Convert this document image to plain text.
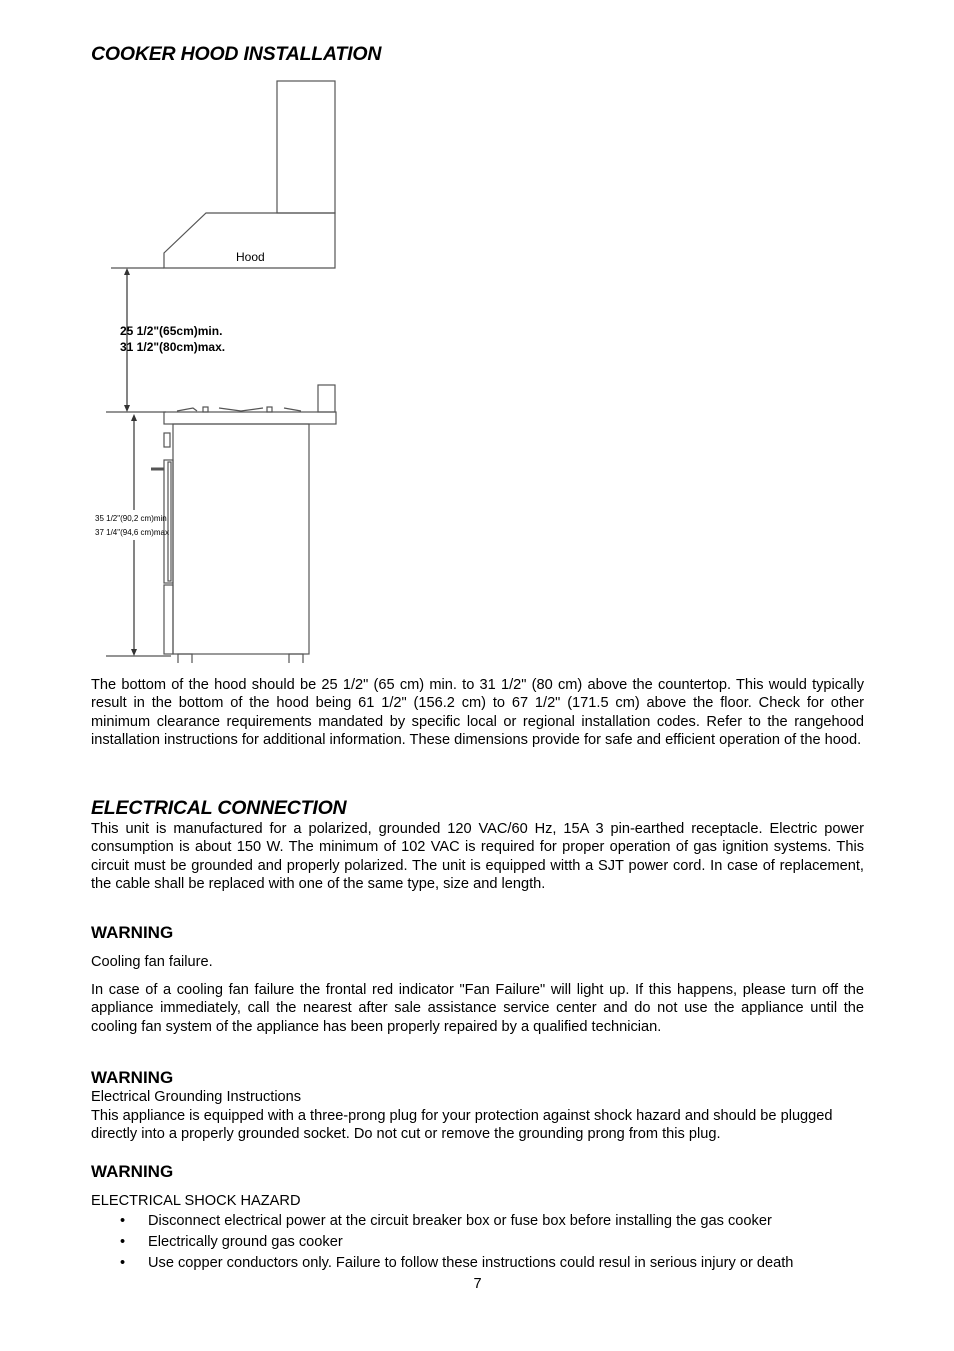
Hood
25 1/2"(65cm)min.
31 1/2"(80cm)max.
35 1/2"(90,2 cm)min
37 1/4"(94,6 cm)max
COOKER HOOD INSTALLATION

The bottom of the hood should be 25 1/2" (65 cm) min. to 31 1/2" (80 cm) above the countertop. This would typically result in the bottom of the hood being 61 1/2" (156.2 cm) to 67 1/2" (171.5 cm) above the floor. Check for other minimum clearance requirements mandated by specific local or regional installation codes. Refer to the rangehood installation instructions for additional information. These dimensions provide for safe and efficient operation of the hood.

ELECTRICAL CONNECTION

This unit is manufactured for a polarized, grounded 120 VAC/60 Hz, 15A 3 pin-earthed receptacle. Electric power consumption is about 150 W. The minimum of 102 VAC is required for proper operation of gas ignition systems. This circuit must be grounded and properly polarized. The unit is equipped witth a SJT power cord. In case of replacement, the cable shall be replaced with one of the same type, size and length.

WARNING

Cooling fan failure.

In case of a cooling fan failure the frontal red indicator "Fan Failure" will light up. If this happens, please turn off the appliance immediately, call the nearest after sale assistance service center and do not use the appliance until the cooling fan system of the appliance has been properly repaired by a qualified technician.

WARNING

Electrical Grounding Instructions

This appliance is equipped with a three-prong plug for your protection against shock hazard and should be plugged directly into a properly grounded socket. Do not cut or remove the grounding prong from this plug.

WARNING

ELECTRICAL SHOCK HAZARD

• Disconnect electrical power at the circuit breaker box or fuse box before installing the gas cooker
• Electrically ground gas cooker
• Use copper conductors only. Failure to follow these instructions could resul in serious injury or death
7
